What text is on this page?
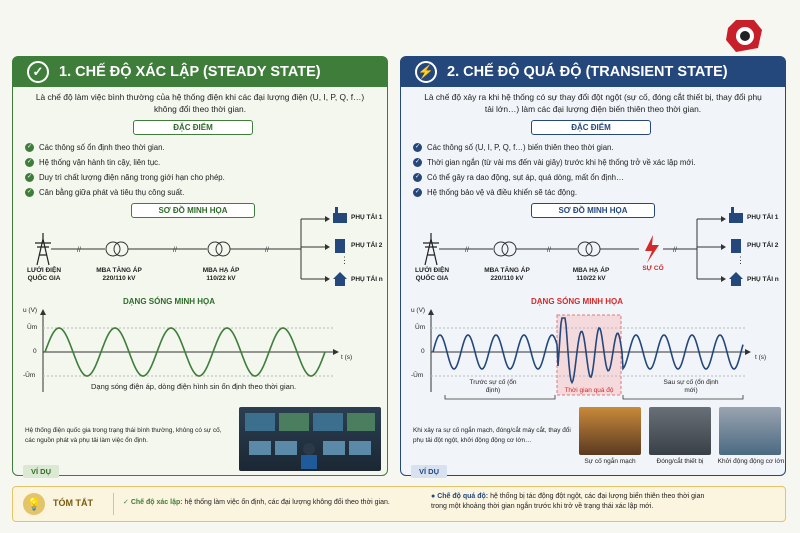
✓	1. CHẾ ĐỘ XÁC LẬP (STEADY STATE)
Là chế độ làm việc bình thường của hệ thống điện khi các đại lượng điện (U, I, P, Q, f…) không đổi theo thời gian.
ĐẶC ĐIỂM
✓ Các thông số ổn định theo thời gian.
✓ Hệ thống vận hành tin cậy, liên tục.
✓ Duy trì chất lượng điện năng trong giới hạn cho phép.
✓ Cân bằng giữa phát và tiêu thụ công suất.
SƠ ĐỒ MINH HỌA
//	//	//
⋮
LƯỚI ĐIỆN QUỐC GIA
MBA TĂNG ÁP 220/110 kV
MBA HẠ ÁP 110/22 kV
PHỤ TẢI 1
PHỤ TẢI 2
PHỤ TẢI n
DẠNG SÓNG MINH HỌA
u (V)
Ûm
0
-Ûm
t (s)
Dạng sóng điện áp, dòng điện hình sin ổn định theo thời gian.
VÍ DỤ
Hệ thống điện quốc gia trong trạng thái bình thường, không có sự cố, các nguồn phát và phụ tải làm việc ổn định.
⚡ 2. CHẾ ĐỘ QUÁ ĐỘ (TRANSIENT STATE)
Là chế độ xảy ra khi hệ thống có sự thay đổi đột ngột (sự cố, đóng cắt thiết bị, thay đổi phụ tải lớn…) làm các đại lượng điện biến thiên theo thời gian.
ĐẶC ĐIỂM
✓ Các thông số (U, I, P, Q, f…) biến thiên theo thời gian.
✓ Thời gian ngắn (từ vài ms đến vài giây) trước khi hệ thống trở về xác lập mới.
✓ Có thể gây ra dao động, sụt áp, quá dòng, mất ổn định…
✓ Hệ thống bảo vệ và điều khiển sẽ tác động.
SƠ ĐỒ MINH HỌA
//	//	//
⋮
LƯỚI ĐIỆN QUỐC GIA
MBA TĂNG ÁP 220/110 kV
MBA HẠ ÁP 110/22 kV
SỰ CỐ
PHỤ TẢI 1
PHỤ TẢI 2
PHỤ TẢI n
DẠNG SÓNG MINH HỌA
u (V)
Ûm
0
-Ûm
t (s)
Trước sự cố (ổn định)	Thời gian quá độ
Sau sự cố (ổn định mới)
VÍ DỤ
Khi xảy ra sự cố ngắn mạch, đóng/cắt máy cắt, thay đổi phụ tải đột ngột, khởi động động cơ lớn…
Sự cố ngắn mạch	Đóng/cắt thiết bị	Khởi động động cơ lớn
💡	TÓM TẮT	✓ Chế độ xác lập: hệ thống làm việc ổn định, các đại lượng không đổi theo thời gian.
● Chế độ quá độ: hệ thống bị tác động đột ngột, các đại lượng biến thiên theo thời gian
trong một khoảng thời gian ngắn trước khi trở về trạng thái xác lập mới.
